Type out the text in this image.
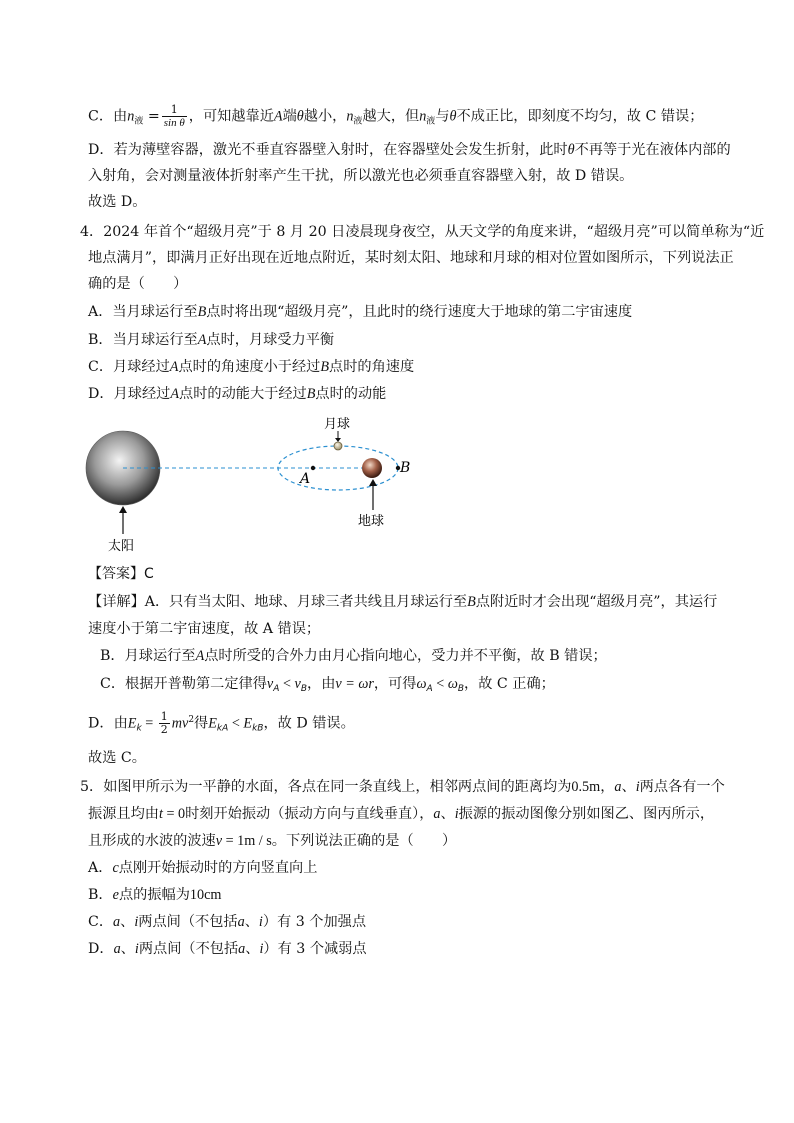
C．由$n_液 = \frac{1}{\text{sin θ}}$ ，可知越靠近A端θ越小，$n_液$越大，但$n_液$与θ不成正比，即刻度不均匀，故 C 错误；
D．若为薄壁容器，激光不垂直容器壁入射时，在容器壁处会发生折射，此时θ不再等于光在液体内部的
入射角，会对测量液体折射率产生干扰，所以激光也必须垂直容器壁入射，故 D 错误。
故选 D。
4．2024 年首个“超级月亮”于 8 月 20 日凌晨现身夜空，从天文学的角度来讲，“超级月亮”可以简单称为“近
地点满月”，即满月正好出现在近地点附近，某时刻太阳、地球和月球的相对位置如图所示，下列说法正
确的是（　　）
A．当月球运行至B点时将出现“超级月亮”，且此时的绕行速度大于地球的第二宇宙速度
B．当月球运行至A点时，月球受力平衡
C．月球经过A点时的角速度小于经过B点时的角速度
D．月球经过A点时的动能大于经过B点时的动能
A
B
月球
地球
太阳
【答案】C
【详解】A．只有当太阳、地球、月球三者共线且月球运行至B点附近时才会出现“超级月亮”，其运行
速度小于第二宇宙速度，故 A 错误；
B．月球运行至A点时所受的合外力由月心指向地心，受力并不平衡，故 B 错误；
C．根据开普勒第二定律得$v_A < v_B$，由v = ωr，可得$\omega_A < \omega_B$，故 C 正确；
D．由$E_k = \frac{1}{2} mv^2$得$E_{kA} < E_{kB}$，故 D 错误。
故选 C。
5．如图甲所示为一平静的水面，各点在同一条直线上，相邻两点间的距离均为0.5m，a、i两点各有一个
振源且均由t = 0时刻开始振动（振动方向与直线垂直），a、i振源的振动图像分别如图乙、图丙所示，
且形成的水波的波速v = 1m / s。下列说法正确的是（　　）
A．c点刚开始振动时的方向竖直向上
B．e点的振幅为10cm
C．a、i两点间（不包括a、i）有 3 个加强点
D．a、i两点间（不包括a、i）有 3 个减弱点
